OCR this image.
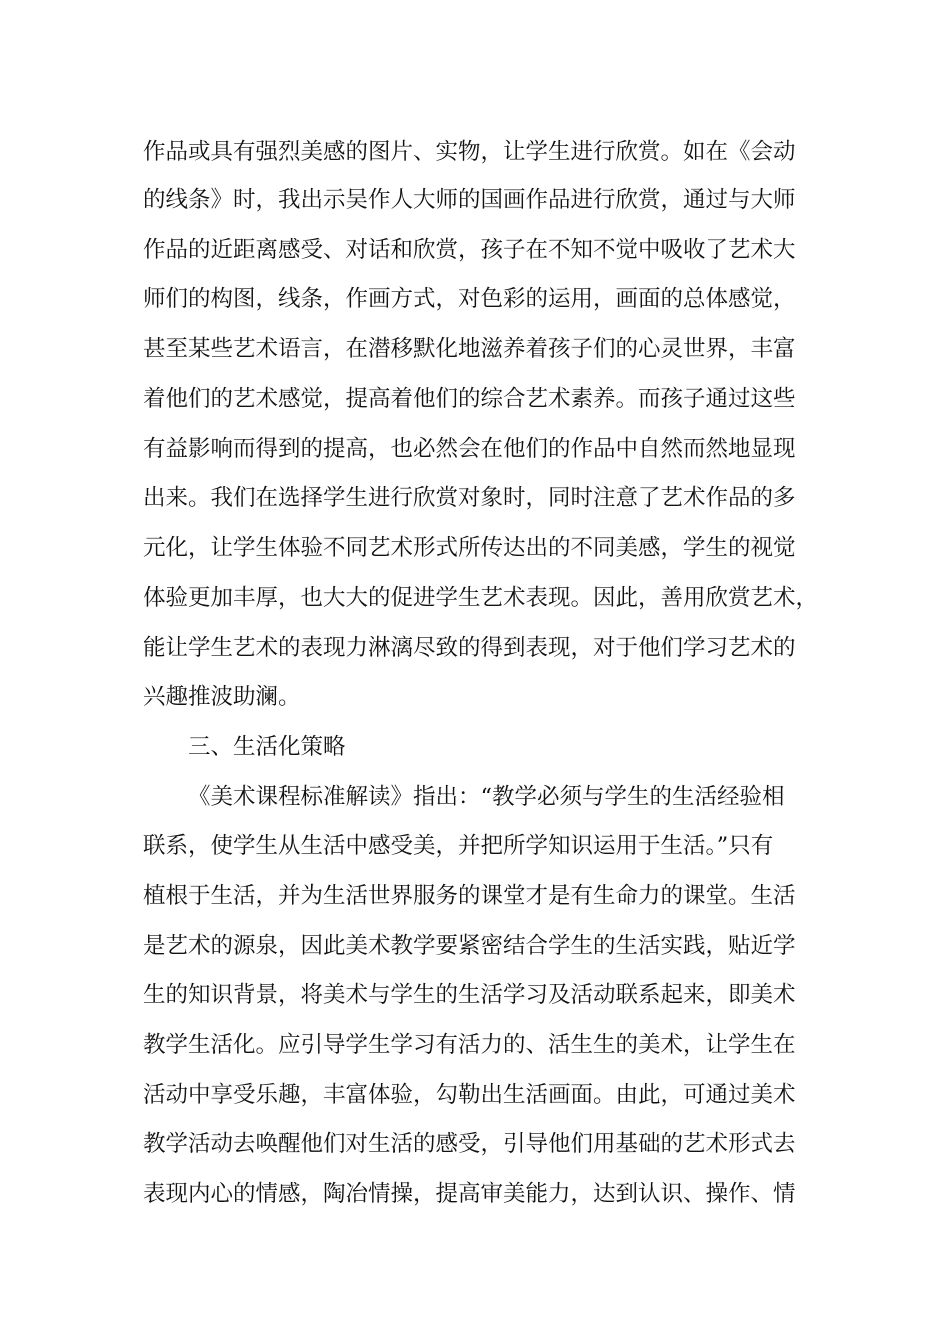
作品或具有强烈美感的图片、实物，让学生进行欣赏。如在《会动
的线条》时，我出示吴作人大师的国画作品进行欣赏，通过与大师
作品的近距离感受、对话和欣赏，孩子在不知不觉中吸收了艺术大
师们的构图，线条，作画方式，对色彩的运用，画面的总体感觉，
甚至某些艺术语言，在潜移默化地滋养着孩子们的心灵世界，丰富
着他们的艺术感觉，提高着他们的综合艺术素养。而孩子通过这些
有益影响而得到的提高，也必然会在他们的作品中自然而然地显现
出来。我们在选择学生进行欣赏对象时，同时注意了艺术作品的多
元化，让学生体验不同艺术形式所传达出的不同美感，学生的视觉
体验更加丰厚，也大大的促进学生艺术表现。因此，善用欣赏艺术，
能让学生艺术的表现力淋漓尽致的得到表现，对于他们学习艺术的
兴趣推波助澜。
三、生活化策略
《美术课程标准解读》指出：“教学必须与学生的生活经验相
联系，使学生从生活中感受美，并把所学知识运用于生活。”只有
植根于生活，并为生活世界服务的课堂才是有生命力的课堂。生活
是艺术的源泉，因此美术教学要紧密结合学生的生活实践，贴近学
生的知识背景，将美术与学生的生活学习及活动联系起来，即美术
教学生活化。应引导学生学习有活力的、活生生的美术，让学生在
活动中享受乐趣，丰富体验，勾勒出生活画面。由此，可通过美术
教学活动去唤醒他们对生活的感受，引导他们用基础的艺术形式去
表现内心的情感，陶冶情操，提高审美能力，达到认识、操作、情
